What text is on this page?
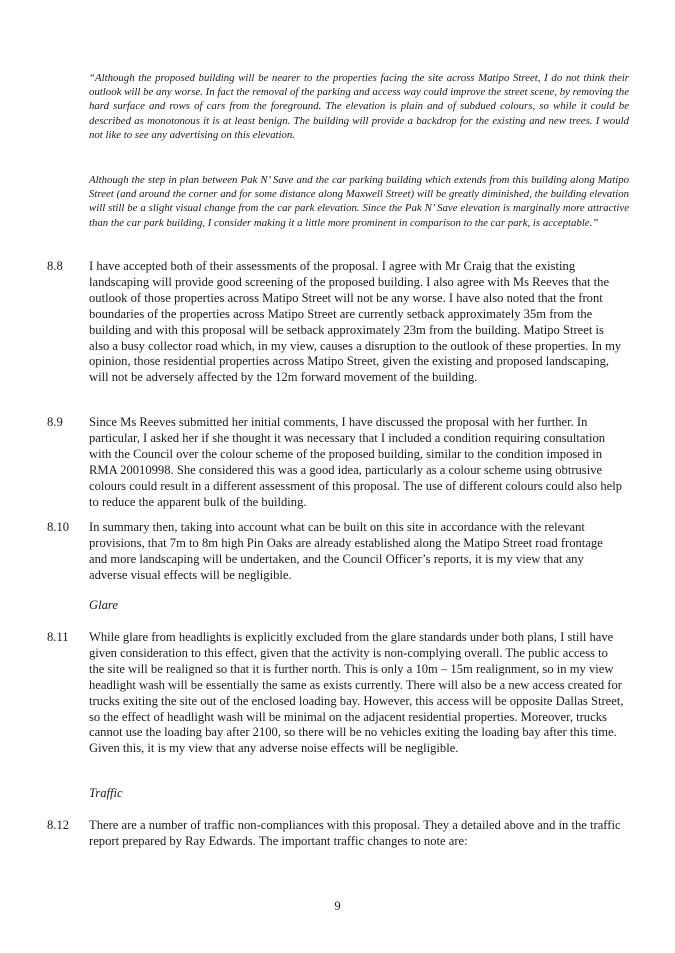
“Although the proposed building will be nearer to the properties facing the site across Matipo Street, I do not think their outlook will be any worse. In fact the removal of the parking and access way could improve the street scene, by removing the hard surface and rows of cars from the foreground. The elevation is plain and of subdued colours, so while it could be described as monotonous it is at least benign. The building will provide a backdrop for the existing and new trees. I would not like to see any advertising on this elevation.

Although the step in plan between Pak N’ Save and the car parking building which extends from this building along Matipo Street (and around the corner and for some distance along Maxwell Street) will be greatly diminished, the building elevation will still be a slight visual change from the car park elevation. Since the Pak N’ Save elevation is marginally more attractive than the car park building, I consider making it a little more prominent in comparison to the car park, is acceptable.”

8.8 I have accepted both of their assessments of the proposal. I agree with Mr Craig that the existing landscaping will provide good screening of the proposed building. I also agree with Ms Reeves that the outlook of those properties across Matipo Street will not be any worse. I have also noted that the front boundaries of the properties across Matipo Street are currently setback approximately 35m from the building and with this proposal will be setback approximately 23m from the building. Matipo Street is also a busy collector road which, in my view, causes a disruption to the outlook of these properties. In my opinion, those residential properties across Matipo Street, given the existing and proposed landscaping, will not be adversely affected by the 12m forward movement of the building.

8.9 Since Ms Reeves submitted her initial comments, I have discussed the proposal with her further. In particular, I asked her if she thought it was necessary that I included a condition requiring consultation with the Council over the colour scheme of the proposed building, similar to the condition imposed in RMA 20010998. She considered this was a good idea, particularly as a colour scheme using obtrusive colours could result in a different assessment of this proposal. The use of different colours could also help to reduce the apparent bulk of the building.

8.10 In summary then, taking into account what can be built on this site in accordance with the relevant provisions, that 7m to 8m high Pin Oaks are already established along the Matipo Street road frontage and more landscaping will be undertaken, and the Council Officer’s reports, it is my view that any adverse visual effects will be negligible.

Glare

8.11 While glare from headlights is explicitly excluded from the glare standards under both plans, I still have given consideration to this effect, given that the activity is non-complying overall. The public access to the site will be realigned so that it is further north. This is only a 10m – 15m realignment, so in my view headlight wash will be essentially the same as exists currently. There will also be a new access created for trucks exiting the site out of the enclosed loading bay. However, this access will be opposite Dallas Street, so the effect of headlight wash will be minimal on the adjacent residential properties. Moreover, trucks cannot use the loading bay after 2100, so there will be no vehicles exiting the loading bay after this time. Given this, it is my view that any adverse noise effects will be negligible.

Traffic

8.12 There are a number of traffic non-compliances with this proposal. They a detailed above and in the traffic report prepared by Ray Edwards. The important traffic changes to note are:

9
